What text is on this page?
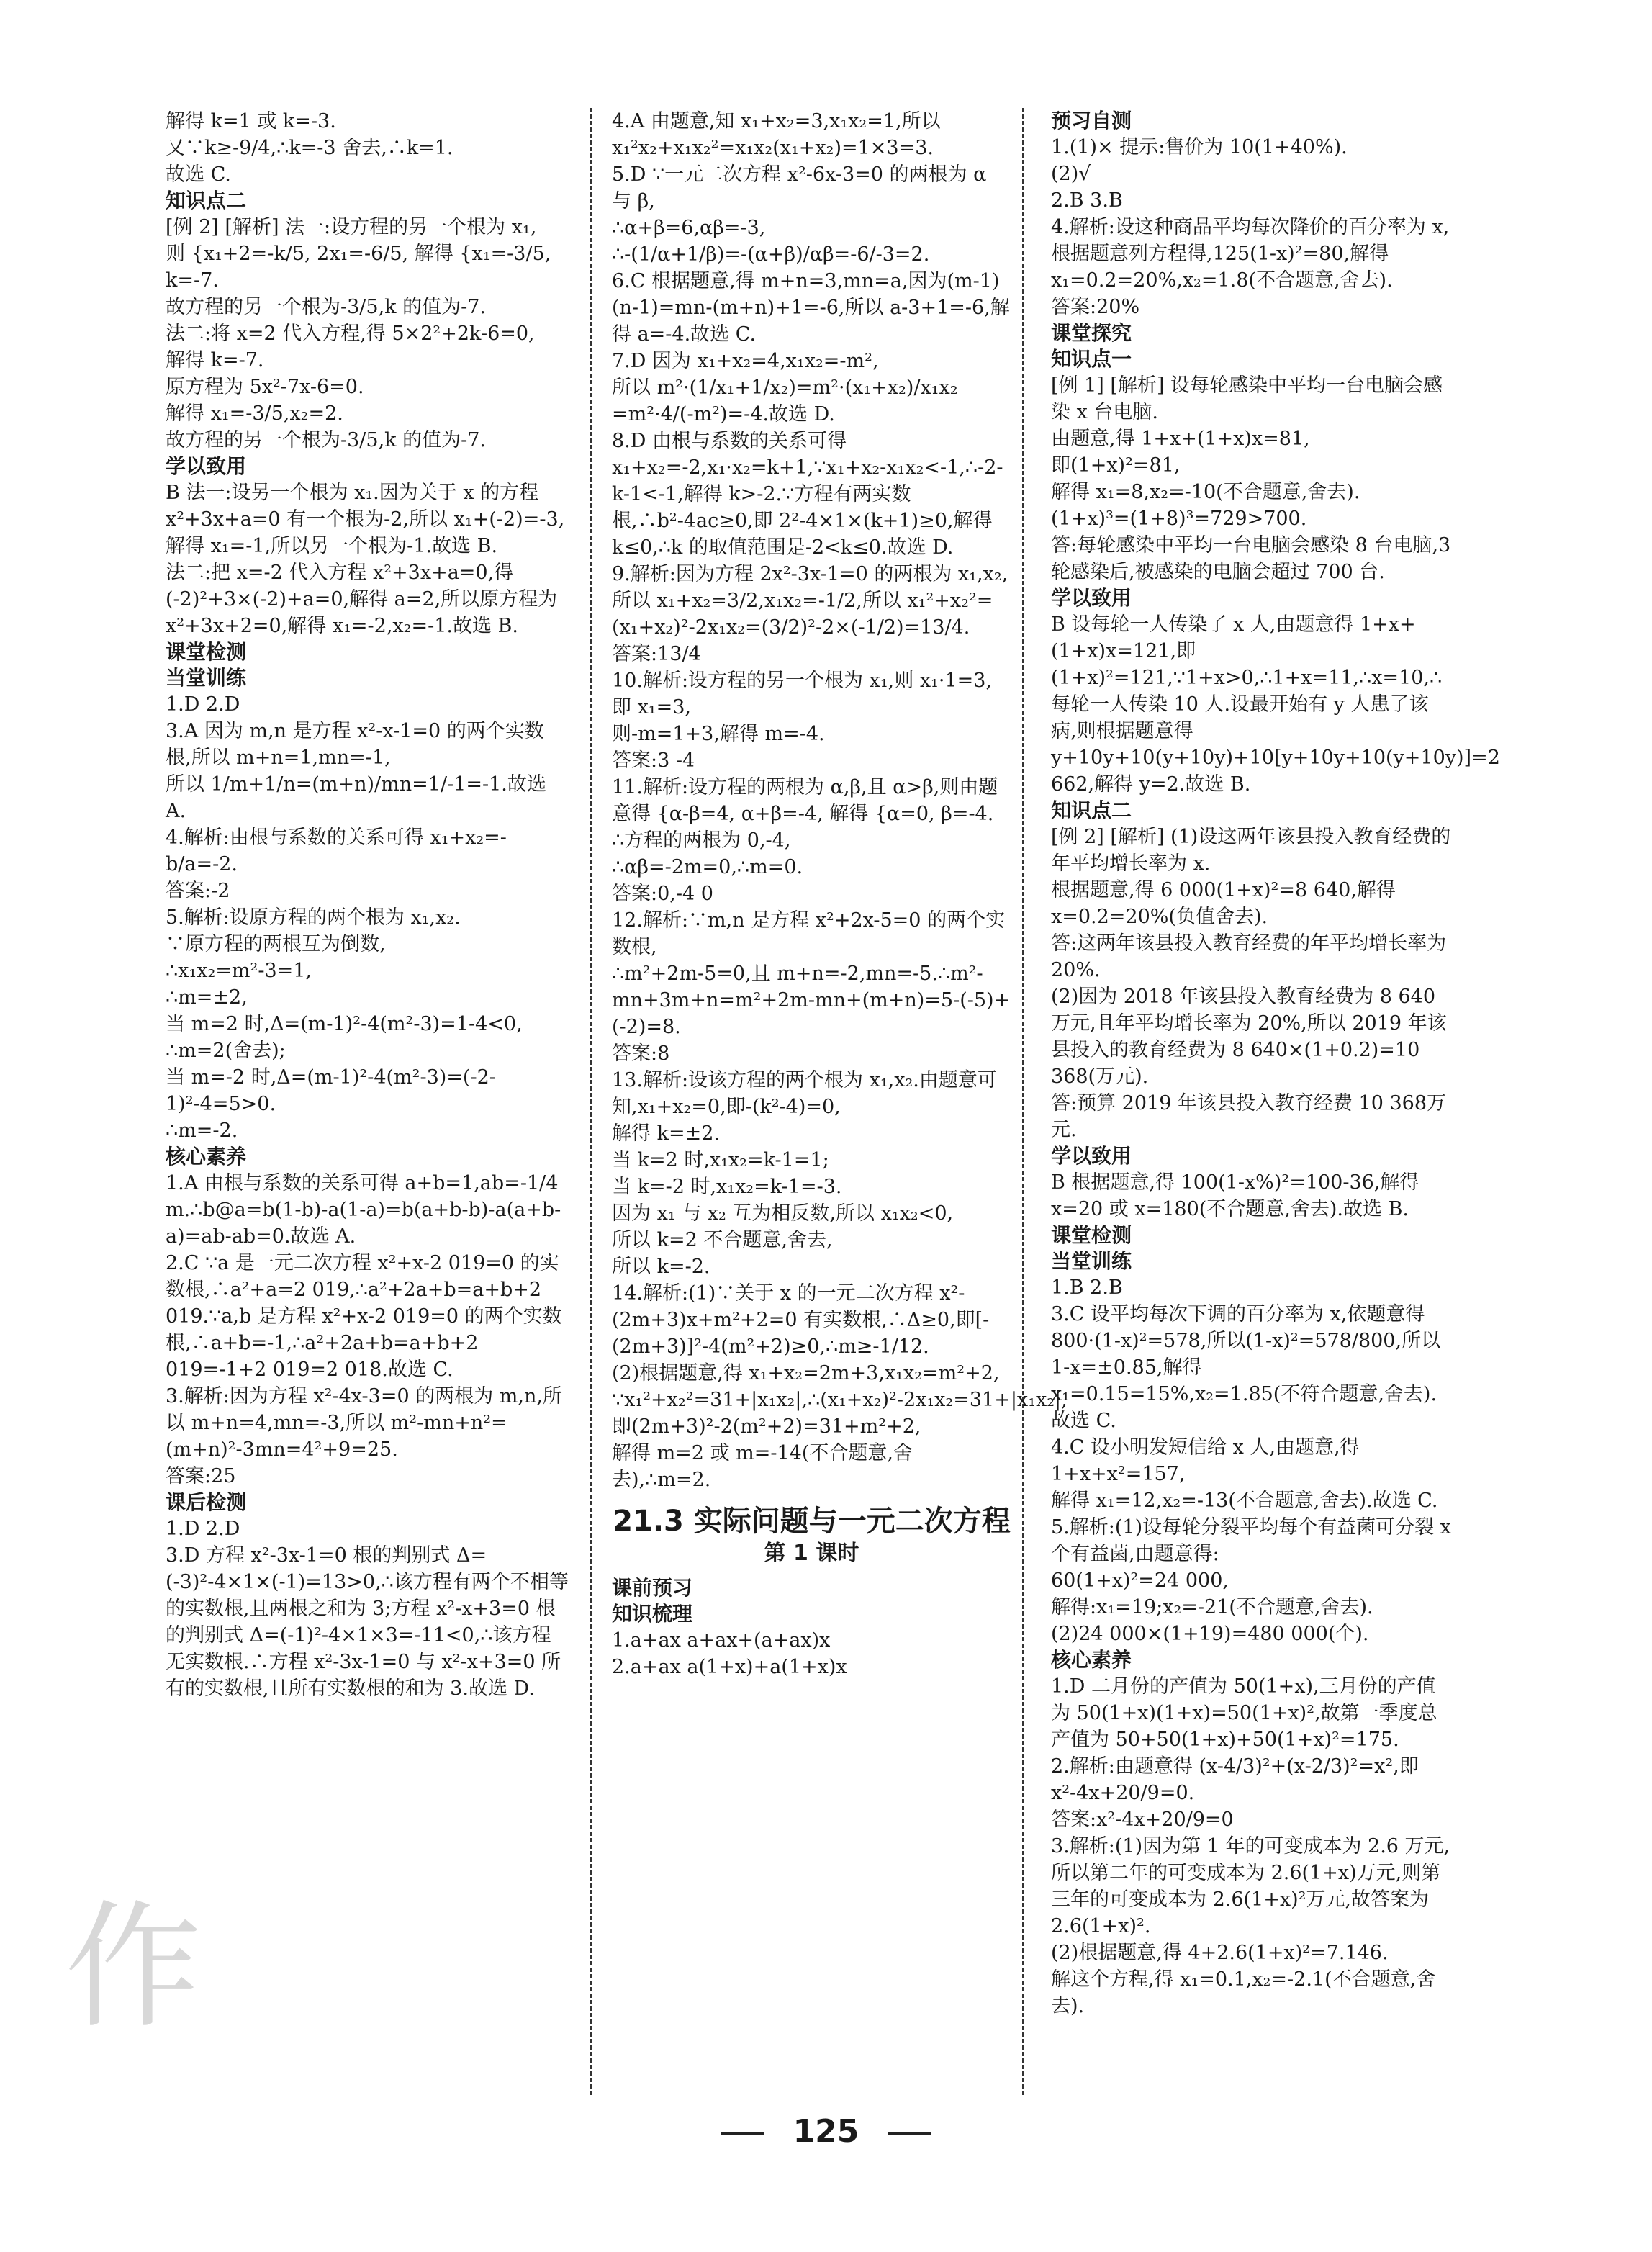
解得 k=1 或 k=-3.
又∵k≥-9/4,∴k=-3 舍去,∴k=1.
故选 C.
知识点二
[例 2] [解析] 法一:设方程的另一个根为 x₁,
则 {x₁+2=-k/5, 2x₁=-6/5, 解得 {x₁=-3/5, k=-7.
故方程的另一个根为-3/5,k 的值为-7.
法二:将 x=2 代入方程,得 5×2²+2k-6=0,
解得 k=-7.
原方程为 5x²-7x-6=0.
解得 x₁=-3/5,x₂=2.
故方程的另一个根为-3/5,k 的值为-7.
学以致用
B 法一:设另一个根为 x₁.因为关于 x 的方程 x²+3x+a=0 有一个根为-2,所以 x₁+(-2)=-3,解得 x₁=-1,所以另一个根为-1.故选 B.
法二:把 x=-2 代入方程 x²+3x+a=0,得(-2)²+3×(-2)+a=0,解得 a=2,所以原方程为 x²+3x+2=0,解得 x₁=-2,x₂=-1.故选 B.
课堂检测
当堂训练
1.D 2.D
3.A 因为 m,n 是方程 x²-x-1=0 的两个实数根,所以 m+n=1,mn=-1,
所以 1/m+1/n=(m+n)/mn=1/-1=-1.故选 A.
4.解析:由根与系数的关系可得 x₁+x₂=-b/a=-2.
答案:-2
5.解析:设原方程的两个根为 x₁,x₂.
∵原方程的两根互为倒数,
∴x₁x₂=m²-3=1,
∴m=±2,
当 m=2 时,Δ=(m-1)²-4(m²-3)=1-4<0,
∴m=2(舍去);
当 m=-2 时,Δ=(m-1)²-4(m²-3)=(-2-1)²-4=5>0.
∴m=-2.
核心素养
1.A 由根与系数的关系可得 a+b=1,ab=-1/4 m.∴b@a=b(1-b)-a(1-a)=b(a+b-b)-a(a+b-a)=ab-ab=0.故选 A.
2.C ∵a 是一元二次方程 x²+x-2 019=0 的实数根,∴a²+a=2 019,∴a²+2a+b=a+b+2 019.∵a,b 是方程 x²+x-2 019=0 的两个实数根,∴a+b=-1,∴a²+2a+b=a+b+2 019=-1+2 019=2 018.故选 C.
3.解析:因为方程 x²-4x-3=0 的两根为 m,n,所以 m+n=4,mn=-3,所以 m²-mn+n²=(m+n)²-3mn=4²+9=25.
答案:25
课后检测
1.D 2.D
3.D 方程 x²-3x-1=0 根的判别式 Δ=(-3)²-4×1×(-1)=13>0,∴该方程有两个不相等的实数根,且两根之和为 3;方程 x²-x+3=0 根的判别式 Δ=(-1)²-4×1×3=-11<0,∴该方程无实数根.∴方程 x²-3x-1=0 与 x²-x+3=0 所有的实数根,且所有实数根的和为 3.故选 D.
4.A 由题意,知 x₁+x₂=3,x₁x₂=1,所以 x₁²x₂+x₁x₂²=x₁x₂(x₁+x₂)=1×3=3.
5.D ∵一元二次方程 x²-6x-3=0 的两根为 α 与 β,
∴α+β=6,αβ=-3,
∴-(1/α+1/β)=-(α+β)/αβ=-6/-3=2.
6.C 根据题意,得 m+n=3,mn=a,因为(m-1)(n-1)=mn-(m+n)+1=-6,所以 a-3+1=-6,解得 a=-4.故选 C.
7.D 因为 x₁+x₂=4,x₁x₂=-m²,
所以 m²·(1/x₁+1/x₂)=m²·(x₁+x₂)/x₁x₂
=m²·4/(-m²)=-4.故选 D.
8.D 由根与系数的关系可得 x₁+x₂=-2,x₁·x₂=k+1,∵x₁+x₂-x₁x₂<-1,∴-2-k-1<-1,解得 k>-2.∵方程有两实数根,∴b²-4ac≥0,即 2²-4×1×(k+1)≥0,解得 k≤0,∴k 的取值范围是-2<k≤0.故选 D.
9.解析:因为方程 2x²-3x-1=0 的两根为 x₁,x₂,所以 x₁+x₂=3/2,x₁x₂=-1/2,所以 x₁²+x₂²=(x₁+x₂)²-2x₁x₂=(3/2)²-2×(-1/2)=13/4.
答案:13/4
10.解析:设方程的另一个根为 x₁,则 x₁·1=3,即 x₁=3,
则-m=1+3,解得 m=-4.
答案:3 -4
11.解析:设方程的两根为 α,β,且 α>β,则由题意得 {α-β=4, α+β=-4, 解得 {α=0, β=-4. ∴方程的两根为 0,-4,
∴αβ=-2m=0,∴m=0.
答案:0,-4 0
12.解析:∵m,n 是方程 x²+2x-5=0 的两个实数根,
∴m²+2m-5=0,且 m+n=-2,mn=-5.∴m²-mn+3m+n=m²+2m-mn+(m+n)=5-(-5)+(-2)=8.
答案:8
13.解析:设该方程的两个根为 x₁,x₂.由题意可知,x₁+x₂=0,即-(k²-4)=0,
解得 k=±2.
当 k=2 时,x₁x₂=k-1=1;
当 k=-2 时,x₁x₂=k-1=-3.
因为 x₁ 与 x₂ 互为相反数,所以 x₁x₂<0,
所以 k=2 不合题意,舍去,
所以 k=-2.
14.解析:(1)∵关于 x 的一元二次方程 x²-(2m+3)x+m²+2=0 有实数根,∴Δ≥0,即[-(2m+3)]²-4(m²+2)≥0,∴m≥-1/12.
(2)根据题意,得 x₁+x₂=2m+3,x₁x₂=m²+2,
∵x₁²+x₂²=31+|x₁x₂|,∴(x₁+x₂)²-2x₁x₂=31+|x₁x₂|,
即(2m+3)²-2(m²+2)=31+m²+2,
解得 m=2 或 m=-14(不合题意,舍去),∴m=2.
21.3 实际问题与一元二次方程
第 1 课时
课前预习
知识梳理
1.a+ax a+ax+(a+ax)x
2.a+ax a(1+x)+a(1+x)x
预习自测
1.(1)× 提示:售价为 10(1+40%).
(2)√
2.B 3.B
4.解析:设这种商品平均每次降价的百分率为 x,根据题意列方程得,125(1-x)²=80,解得 x₁=0.2=20%,x₂=1.8(不合题意,舍去).
答案:20%
课堂探究
知识点一
[例 1] [解析] 设每轮感染中平均一台电脑会感染 x 台电脑.
由题意,得 1+x+(1+x)x=81,
即(1+x)²=81,
解得 x₁=8,x₂=-10(不合题意,舍去).
(1+x)³=(1+8)³=729>700.
答:每轮感染中平均一台电脑会感染 8 台电脑,3 轮感染后,被感染的电脑会超过 700 台.
学以致用
B 设每轮一人传染了 x 人,由题意得 1+x+(1+x)x=121,即(1+x)²=121,∵1+x>0,∴1+x=11,∴x=10,∴每轮一人传染 10 人.设最开始有 y 人患了该病,则根据题意得 y+10y+10(y+10y)+10[y+10y+10(y+10y)]=2 662,解得 y=2.故选 B.
知识点二
[例 2] [解析] (1)设这两年该县投入教育经费的年平均增长率为 x.
根据题意,得 6 000(1+x)²=8 640,解得 x=0.2=20%(负值舍去).
答:这两年该县投入教育经费的年平均增长率为 20%.
(2)因为 2018 年该县投入教育经费为 8 640 万元,且年平均增长率为 20%,所以 2019 年该县投入的教育经费为 8 640×(1+0.2)=10 368(万元).
答:预算 2019 年该县投入教育经费 10 368万元.
学以致用
B 根据题意,得 100(1-x%)²=100-36,解得 x=20 或 x=180(不合题意,舍去).故选 B.
课堂检测
当堂训练
1.B 2.B
3.C 设平均每次下调的百分率为 x,依题意得 800·(1-x)²=578,所以(1-x)²=578/800,所以 1-x=±0.85,解得 x₁=0.15=15%,x₂=1.85(不符合题意,舍去).故选 C.
4.C 设小明发短信给 x 人,由题意,得 1+x+x²=157,
解得 x₁=12,x₂=-13(不合题意,舍去).故选 C.
5.解析:(1)设每轮分裂平均每个有益菌可分裂 x 个有益菌,由题意得:
60(1+x)²=24 000,
解得:x₁=19;x₂=-21(不合题意,舍去).
(2)24 000×(1+19)=480 000(个).
核心素养
1.D 二月份的产值为 50(1+x),三月份的产值为 50(1+x)(1+x)=50(1+x)²,故第一季度总产值为 50+50(1+x)+50(1+x)²=175.
2.解析:由题意得 (x-4/3)²+(x-2/3)²=x²,即 x²-4x+20/9=0.
答案:x²-4x+20/9=0
3.解析:(1)因为第 1 年的可变成本为 2.6 万元,所以第二年的可变成本为 2.6(1+x)万元,则第三年的可变成本为 2.6(1+x)²万元,故答案为 2.6(1+x)².
(2)根据题意,得 4+2.6(1+x)²=7.146.
解这个方程,得 x₁=0.1,x₂=-2.1(不合题意,舍去).
作
125
